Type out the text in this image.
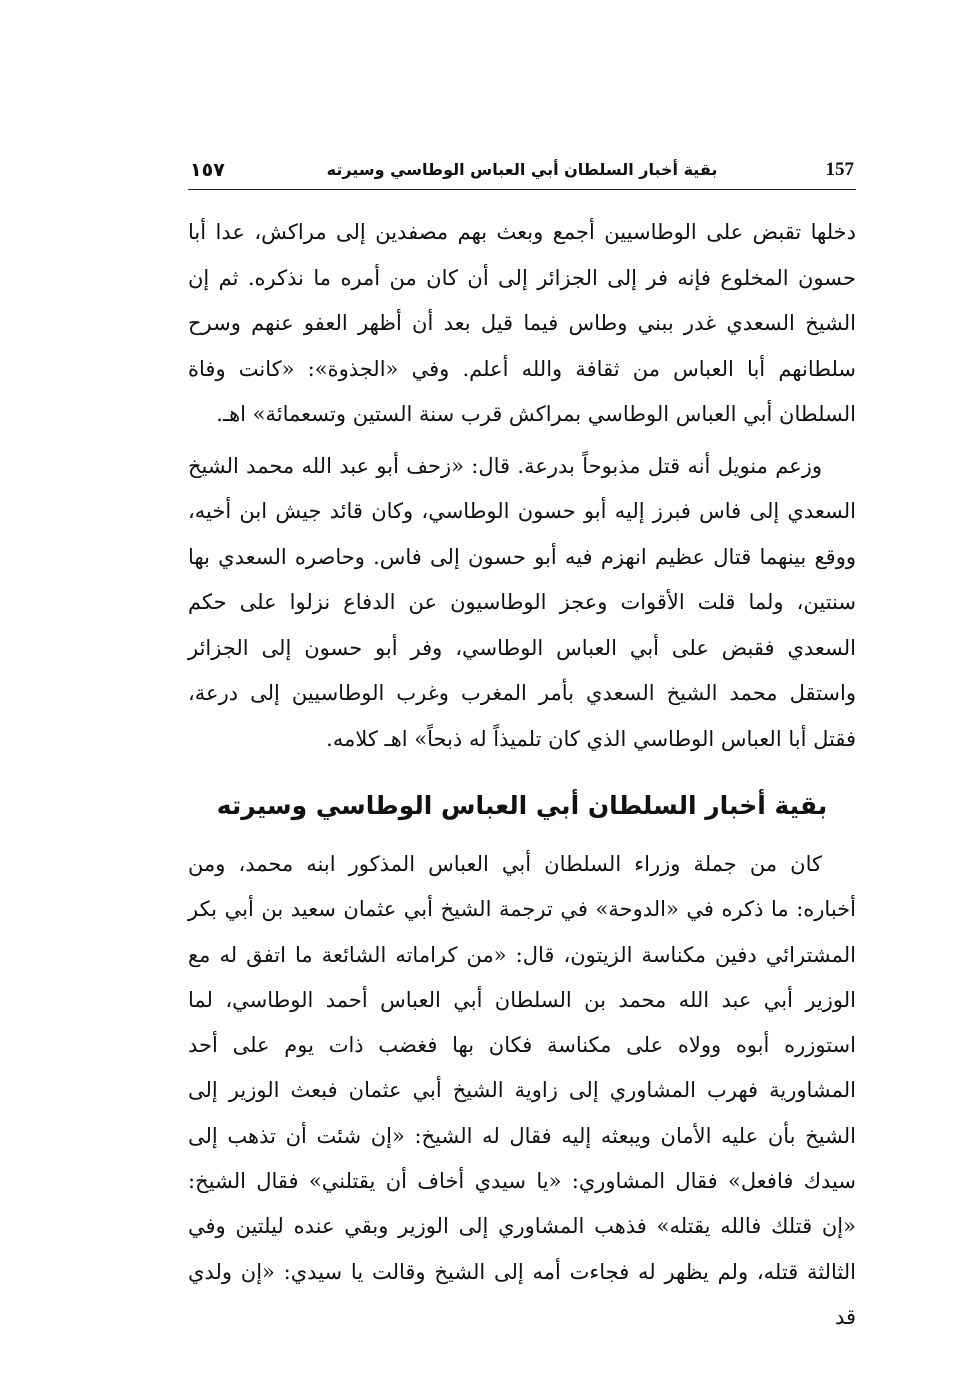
157
بقية أخبار السلطان أبي العباس الوطاسي وسيرته
١٥٧

دخلها تقبض على الوطاسيين أجمع وبعث بهم مصفدين إلى مراكش، عدا أبا حسون المخلوع فإنه فر إلى الجزائر إلى أن كان من أمره ما نذكره. ثم إن الشيخ السعدي غدر ببني وطاس فيما قيل بعد أن أظهر العفو عنهم وسرح سلطانهم أبا العباس من ثقافة والله أعلم. وفي «الجذوة»: «كانت وفاة السلطان أبي العباس الوطاسي بمراكش قرب سنة الستين وتسعمائة» اهـ.

وزعم منويل أنه قتل مذبوحاً بدرعة. قال: «زحف أبو عبد الله محمد الشيخ السعدي إلى فاس فبرز إليه أبو حسون الوطاسي، وكان قائد جيش ابن أخيه، ووقع بينهما قتال عظيم انهزم فيه أبو حسون إلى فاس. وحاصره السعدي بها سنتين، ولما قلت الأقوات وعجز الوطاسيون عن الدفاع نزلوا على حكم السعدي فقبض على أبي العباس الوطاسي، وفر أبو حسون إلى الجزائر واستقل محمد الشيخ السعدي بأمر المغرب وغرب الوطاسيين إلى درعة، فقتل أبا العباس الوطاسي الذي كان تلميذاً له ذبحاً» اهـ كلامه.

بقية أخبار السلطان أبي العباس الوطاسي وسيرته

كان من جملة وزراء السلطان أبي العباس المذكور ابنه محمد، ومن أخباره: ما ذكره في «الدوحة» في ترجمة الشيخ أبي عثمان سعيد بن أبي بكر المشترائي دفين مكناسة الزيتون، قال: «من كراماته الشائعة ما اتفق له مع الوزير أبي عبد الله محمد بن السلطان أبي العباس أحمد الوطاسي، لما استوزره أبوه وولاه على مكناسة فكان بها فغضب ذات يوم على أحد المشاورية فهرب المشاوري إلى زاوية الشيخ أبي عثمان فبعث الوزير إلى الشيخ بأن عليه الأمان ويبعثه إليه فقال له الشيخ: «إن شئت أن تذهب إلى سيدك فافعل» فقال المشاوري: «يا سيدي أخاف أن يقتلني» فقال الشيخ: «إن قتلك فالله يقتله» فذهب المشاوري إلى الوزير وبقي عنده ليلتين وفي الثالثة قتله، ولم يظهر له فجاءت أمه إلى الشيخ وقالت يا سيدي: «إن ولدي قد
